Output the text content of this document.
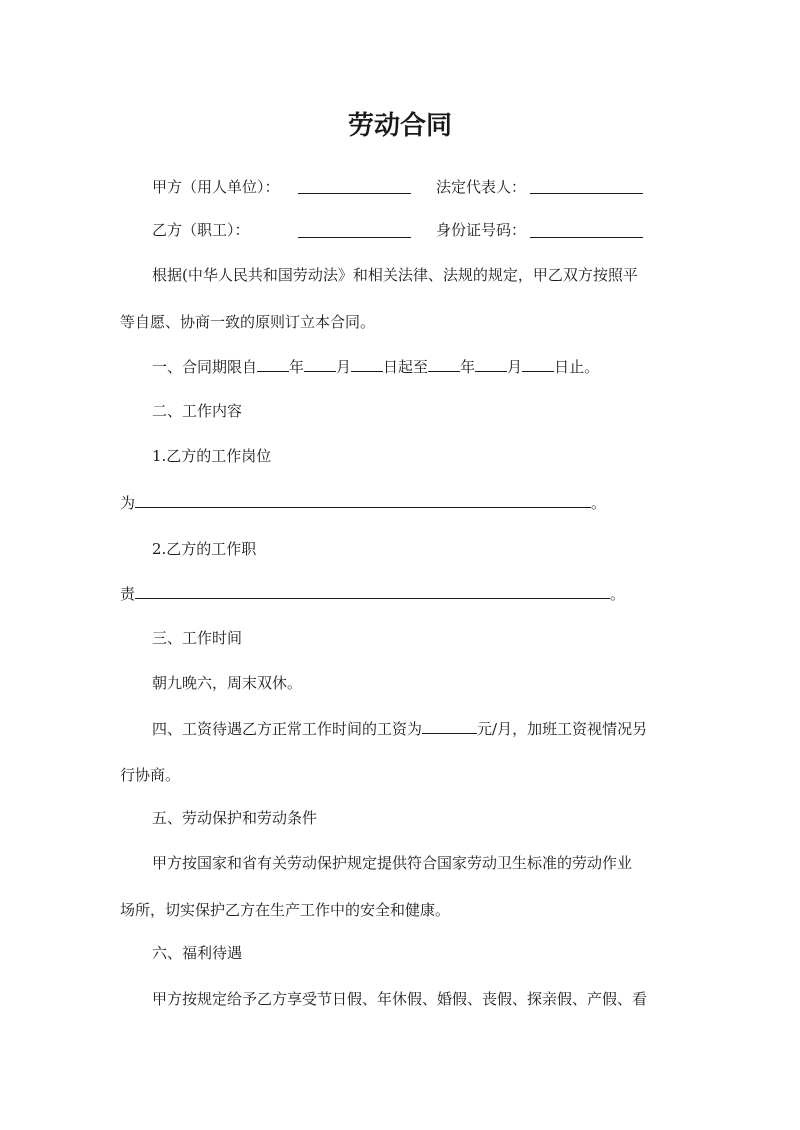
劳动合同
甲方（用人单位）：	法定代表人：
乙方（职工）：	身份证号码：
根据(中华人民共和国劳动法》和相关法律、法规的规定，甲乙双方按照平
等自愿、协商一致的原则订立本合同。
一、合同期限自 年 月 日起至 年 月 日止。
二、工作内容
1.乙方的工作岗位
为	。
2.乙方的工作职
责	。
三、工作时间
朝九晚六，周末双休。
四、工资待遇乙方正常工作时间的工资为	元/月，加班工资视情况另
行协商。
五、劳动保护和劳动条件
甲方按国家和省有关劳动保护规定提供符合国家劳动卫生标准的劳动作业
场所，切实保护乙方在生产工作中的安全和健康。
六、福利待遇
甲方按规定给予乙方享受节日假、年休假、婚假、丧假、探亲假、产假、看
